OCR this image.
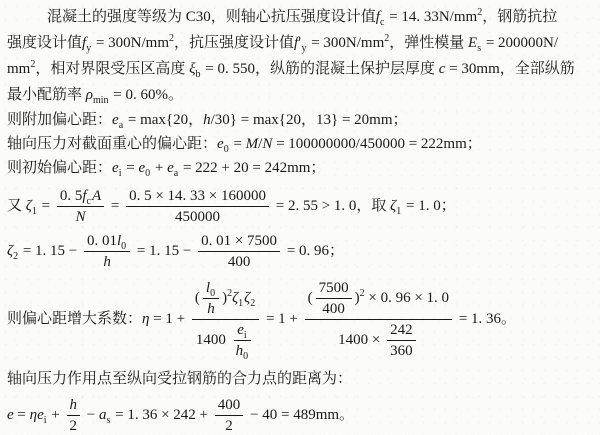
混凝土的强度等级为 C30，则轴心抗压强度设计值$f_c = 14$. $33N/mm^2$，钢筋抗拉
强度设计值$f_y = 300N/mm^2$，抗压强度设计值$f'_y = 300N/mm^2$，弹性模量 $E_s = 200000N/$
$mm^2$，相对界限受压区高度 $\xi_b = 0$. 550，纵筋的混凝土保护层厚度 c = 30mm，全部纵筋
最小配筋率 $\rho_{min} = 0$. 60%。
则附加偏心距：$e_a = \max\{20$，h/30} = max{20，13} = 20mm；
轴向压力对截面重心的偏心距：$e_0 = M/N = 100000000/450000 = 222mm$；
则初始偏心距：$e_i = e_0 + e_a = 222 + 20 = 242mm$；
又 $\zeta_1 = \frac{0. 5f_cA}{N} = \frac{0. 5 \times 14. 33 \times 160000}{450000} = 2$. 55 > 1. 0，取 $\zeta_1 = 1$. 0；
$\zeta_2 = 1$. $15 - \frac{0. 01l_0}{h} = 1$. $15 - \frac{0. 01 \times 7500}{400} = 0$. 96；
则偏心距增大系数：$\eta = 1 + \frac{( \frac{l_0}{h} )^2\zeta_1\zeta_2}{1400 \frac{e_i}{h_0}} = 1 + \frac{( \frac{7500}{400} )^2 \times 0. 96 \times 1. 0}{1400 \times \frac{242}{360}} = 1$. 36。
轴向压力作用点至纵向受拉钢筋的合力点的距离为：
$e = \eta e_i + \frac{h}{2} - a_s = 1$. $36 \times 242 + \frac{400}{2} - 40 = 489mm$。
